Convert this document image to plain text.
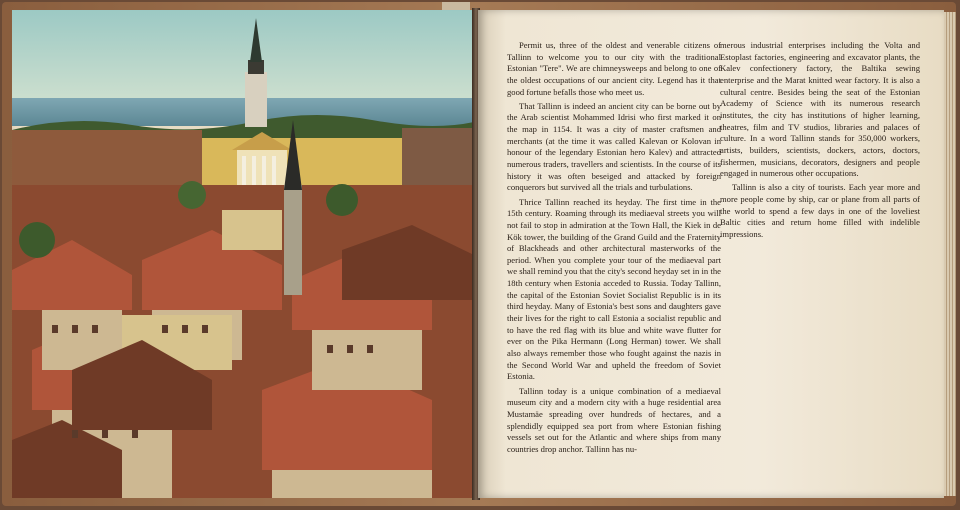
Permit us, three of the oldest and venerable citizens of Tallinn to welcome you to our city with the traditional Estonian "Tere". We are chimneysweeps and belong to one of the oldest occupations of our ancient city. Legend has it that good fortune befalls those who meet us.

That Tallinn is indeed an ancient city can be borne out by the Arab scientist Mohammed Idrisi who first marked it on the map in 1154. It was a city of master craftsmen and merchants (at the time it was called Kalevan or Kolovan in honour of the legendary Estonian hero Kalev) and attracted numerous traders, travellers and scientists. In the course of its history it was often beseiged and attacked by foreign conquerors but survived all the trials and turbulations.

Thrice Tallinn reached its heyday. The first time in the 15th century. Roaming through its mediaeval streets you will not fail to stop in admiration at the Town Hall, the Kiek in de Kök tower, the building of the Grand Guild and the Fraternity of Blackheads and other architectural masterworks of the period. When you complete your tour of the mediaeval part we shall remind you that the city's second heyday set in in the 18th century when Estonia acceded to Russia. Today Tallinn, the capital of the Estonian Soviet Socialist Republic is in its third heyday. Many of Estonia's best sons and daughters gave their lives for the right to call Estonia a socialist republic and to have the red flag with its blue and white wave flutter for ever on the Pika Hermann (Long Herman) tower. We shall also always remember those who fought against the nazis in the Second World War and upheld the freedom of Soviet Estonia.

Tallinn today is a unique combination of a mediaeval museum city and a modern city with a huge residential area Mustamäe spreading over hundreds of hectares, and a splendidly equipped sea port from where Estonian fishing vessels set out for the Atlantic and where ships from many countries drop anchor. Tallinn has nu-

merous industrial enterprises including the Volta and Estoplast factories, engineering and excavator plants, the Kalev confectionery factory, the Baltika sewing enterprise and the Marat knitted wear factory. It is also a cultural centre. Besides being the seat of the Estonian Academy of Science with its numerous research institutes, the city has institutions of higher learning, theatres, film and TV studios, libraries and palaces of culture. In a word Tallinn stands for 350,000 workers, artists, builders, scientists, dockers, actors, doctors, fishermen, musicians, decorators, designers and people engaged in numerous other occupations.

Tallinn is also a city of tourists. Each year more and more people come by ship, car or plane from all parts of the world to spend a few days in one of the loveliest Baltic cities and return home filled with indelible impressions.
